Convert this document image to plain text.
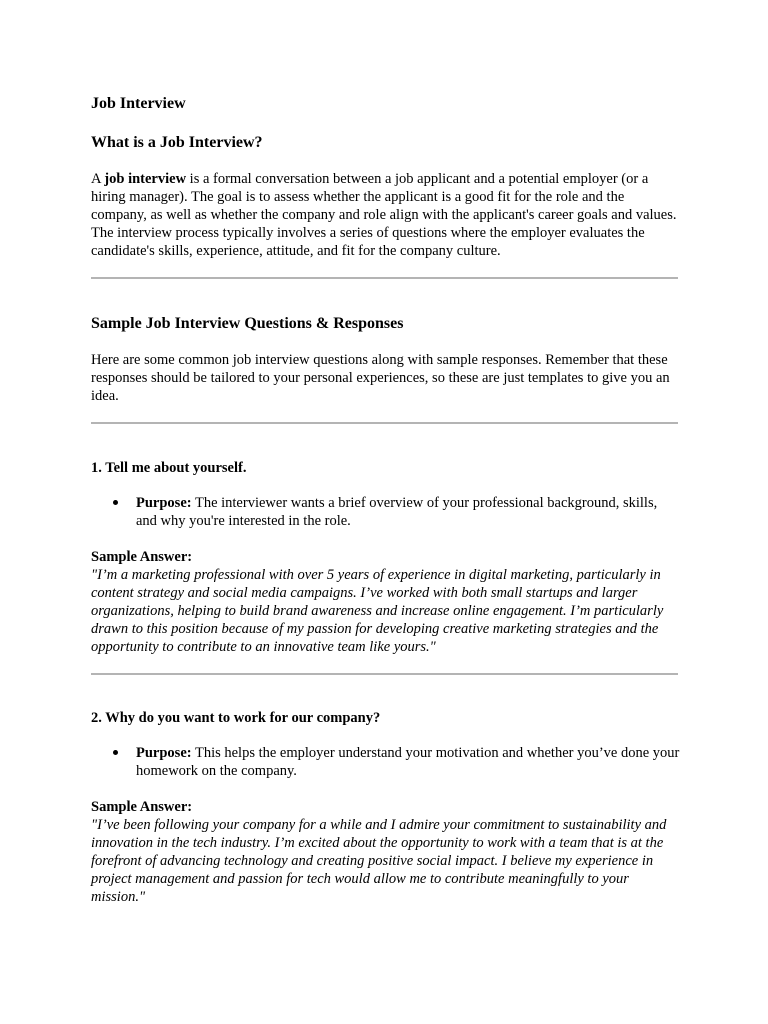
Job Interview
What is a Job Interview?

A job interview is a formal conversation between a job applicant and a potential employer (or a hiring manager). The goal is to assess whether the applicant is a good fit for the role and the company, as well as whether the company and role align with the applicant's career goals and values. The interview process typically involves a series of questions where the employer evaluates the candidate's skills, experience, attitude, and fit for the company culture.

Sample Job Interview Questions & Responses

Here are some common job interview questions along with sample responses. Remember that these responses should be tailored to your personal experiences, so these are just templates to give you an idea.

1. Tell me about yourself.
Purpose: The interviewer wants a brief overview of your professional background, skills, and why you're interested in the role.
Sample Answer:
"I’m a marketing professional with over 5 years of experience in digital marketing, particularly in content strategy and social media campaigns. I’ve worked with both small startups and larger organizations, helping to build brand awareness and increase online engagement. I’m particularly drawn to this position because of my passion for developing creative marketing strategies and the opportunity to contribute to an innovative team like yours."
2. Why do you want to work for our company?
Purpose: This helps the employer understand your motivation and whether you’ve done your homework on the company.
Sample Answer:
"I’ve been following your company for a while and I admire your commitment to sustainability and innovation in the tech industry. I’m excited about the opportunity to work with a team that is at the forefront of advancing technology and creating positive social impact. I believe my experience in project management and passion for tech would allow me to contribute meaningfully to your mission."
